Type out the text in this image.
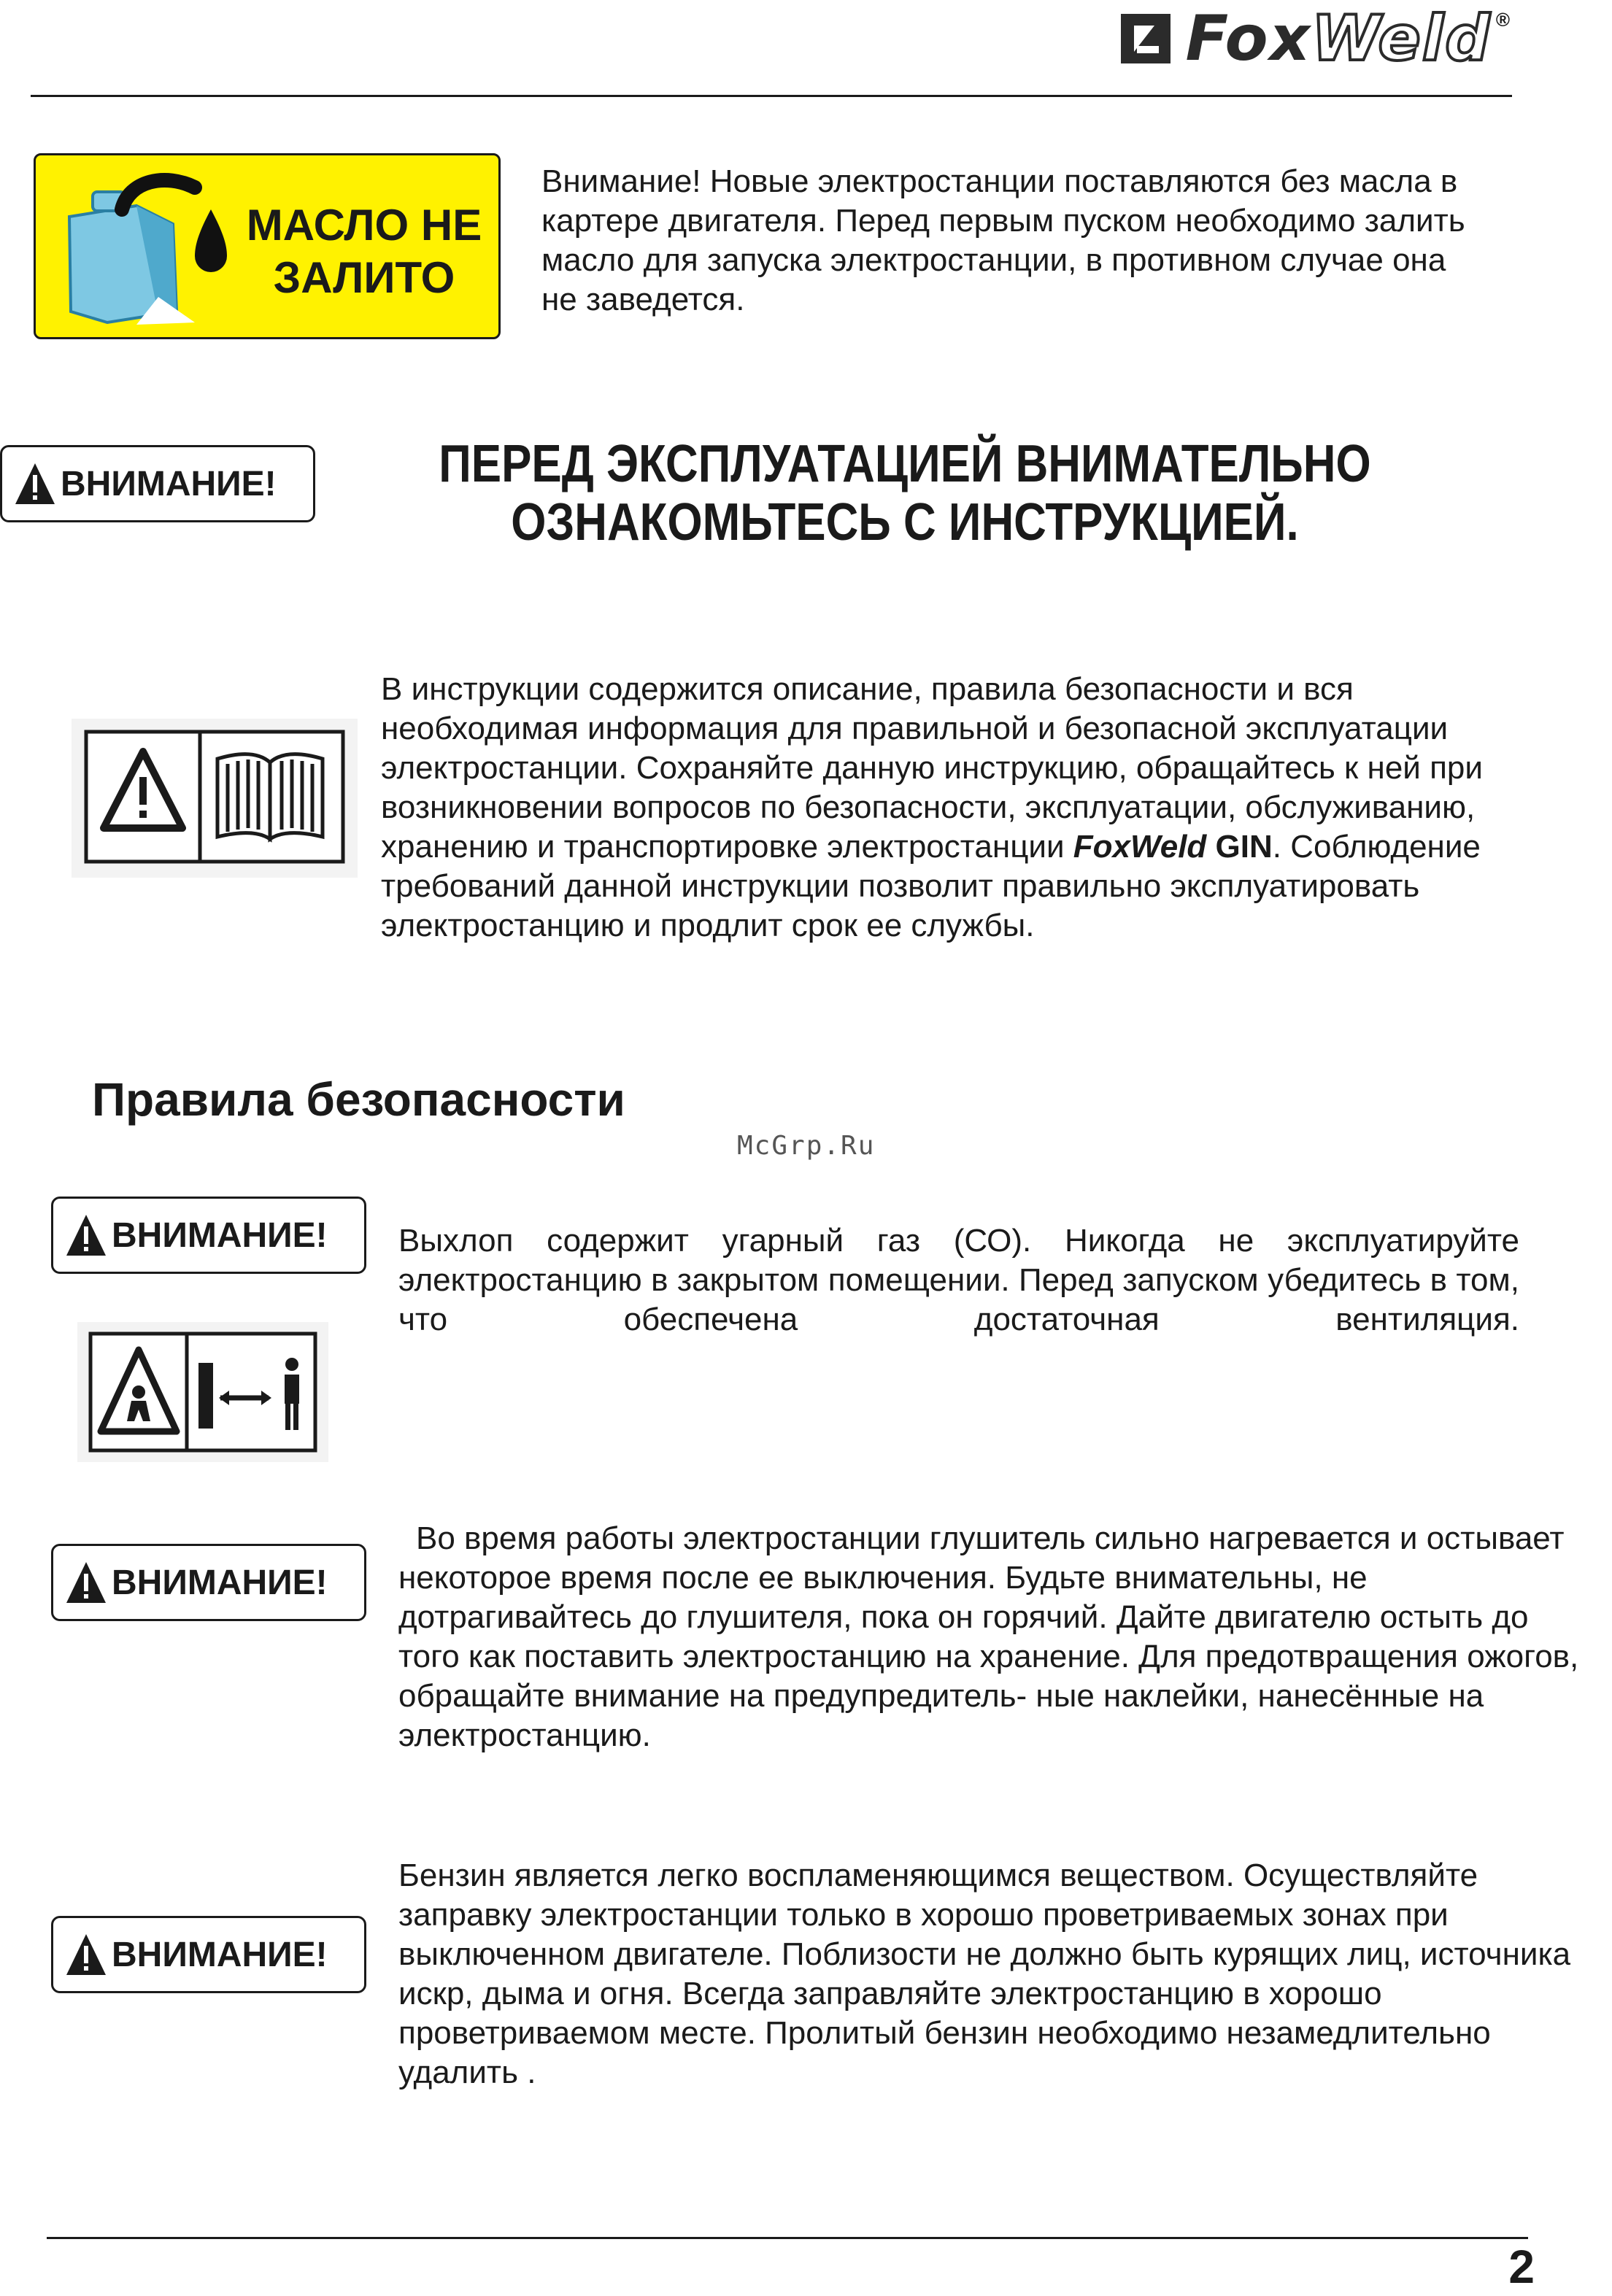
FoxWeld ®
МАСЛО НЕ ЗАЛИТО
Внимание! Новые электростанции поставляются без масла в картере двигателя. Перед первым пуском необходимо залить масло для запуска электростанции, в противном случае она не заведется.
ВНИМАНИЕ!	ПЕРЕД ЭКСПЛУАТАЦИЕЙ ВНИМАТЕЛЬНО
ОЗНАКОМЬТЕСЬ С ИНСТРУКЦИЕЙ.
В инструкции содержится описание, правила безопасности и вся необходимая информация для правильной и безопасной эксплуатации электростанции. Сохраняйте данную инструкцию, обращайтесь к ней при возникновении вопросов по безопасности, эксплуатации, обслуживанию, хранению и транспортировке электростанции FoxWeld GIN. Соблюдение требований данной инструкции позволит правильно эксплуатировать электростанцию и продлит срок ее службы.
Правила безопасности
McGrp.Ru
ВНИМАНИЕ! Выхлоп содержит угарный газ (СО). Никогда не эксплуатируйте электростанцию в закрытом помещении. Перед запуском убедитесь в том, что обеспечена достаточная вентиляция.
ВНИМАНИЕ!
Во время работы электростанции глушитель сильно нагревается и остывает некоторое время после ее выключения. Будьте внимательны, не дотрагивайтесь до глушителя, пока он горячий. Дайте двигателю остыть до того как поставить электростанцию на хранение. Для предотвращения ожогов, обращайте внимание на предупредитель- ные наклейки, нанесённые на электростанцию.
ВНИМАНИЕ!
Бензин является легко воспламеняющимся веществом. Осуществляйте заправку электростанции только в хорошо проветриваемых зонах при выключенном двигателе. Поблизости не должно быть курящих лиц, источника искр, дыма и огня. Всегда заправляйте электростанцию в хорошо проветриваемом месте. Пролитый бензин необходимо незамедлительно удалить .
2
